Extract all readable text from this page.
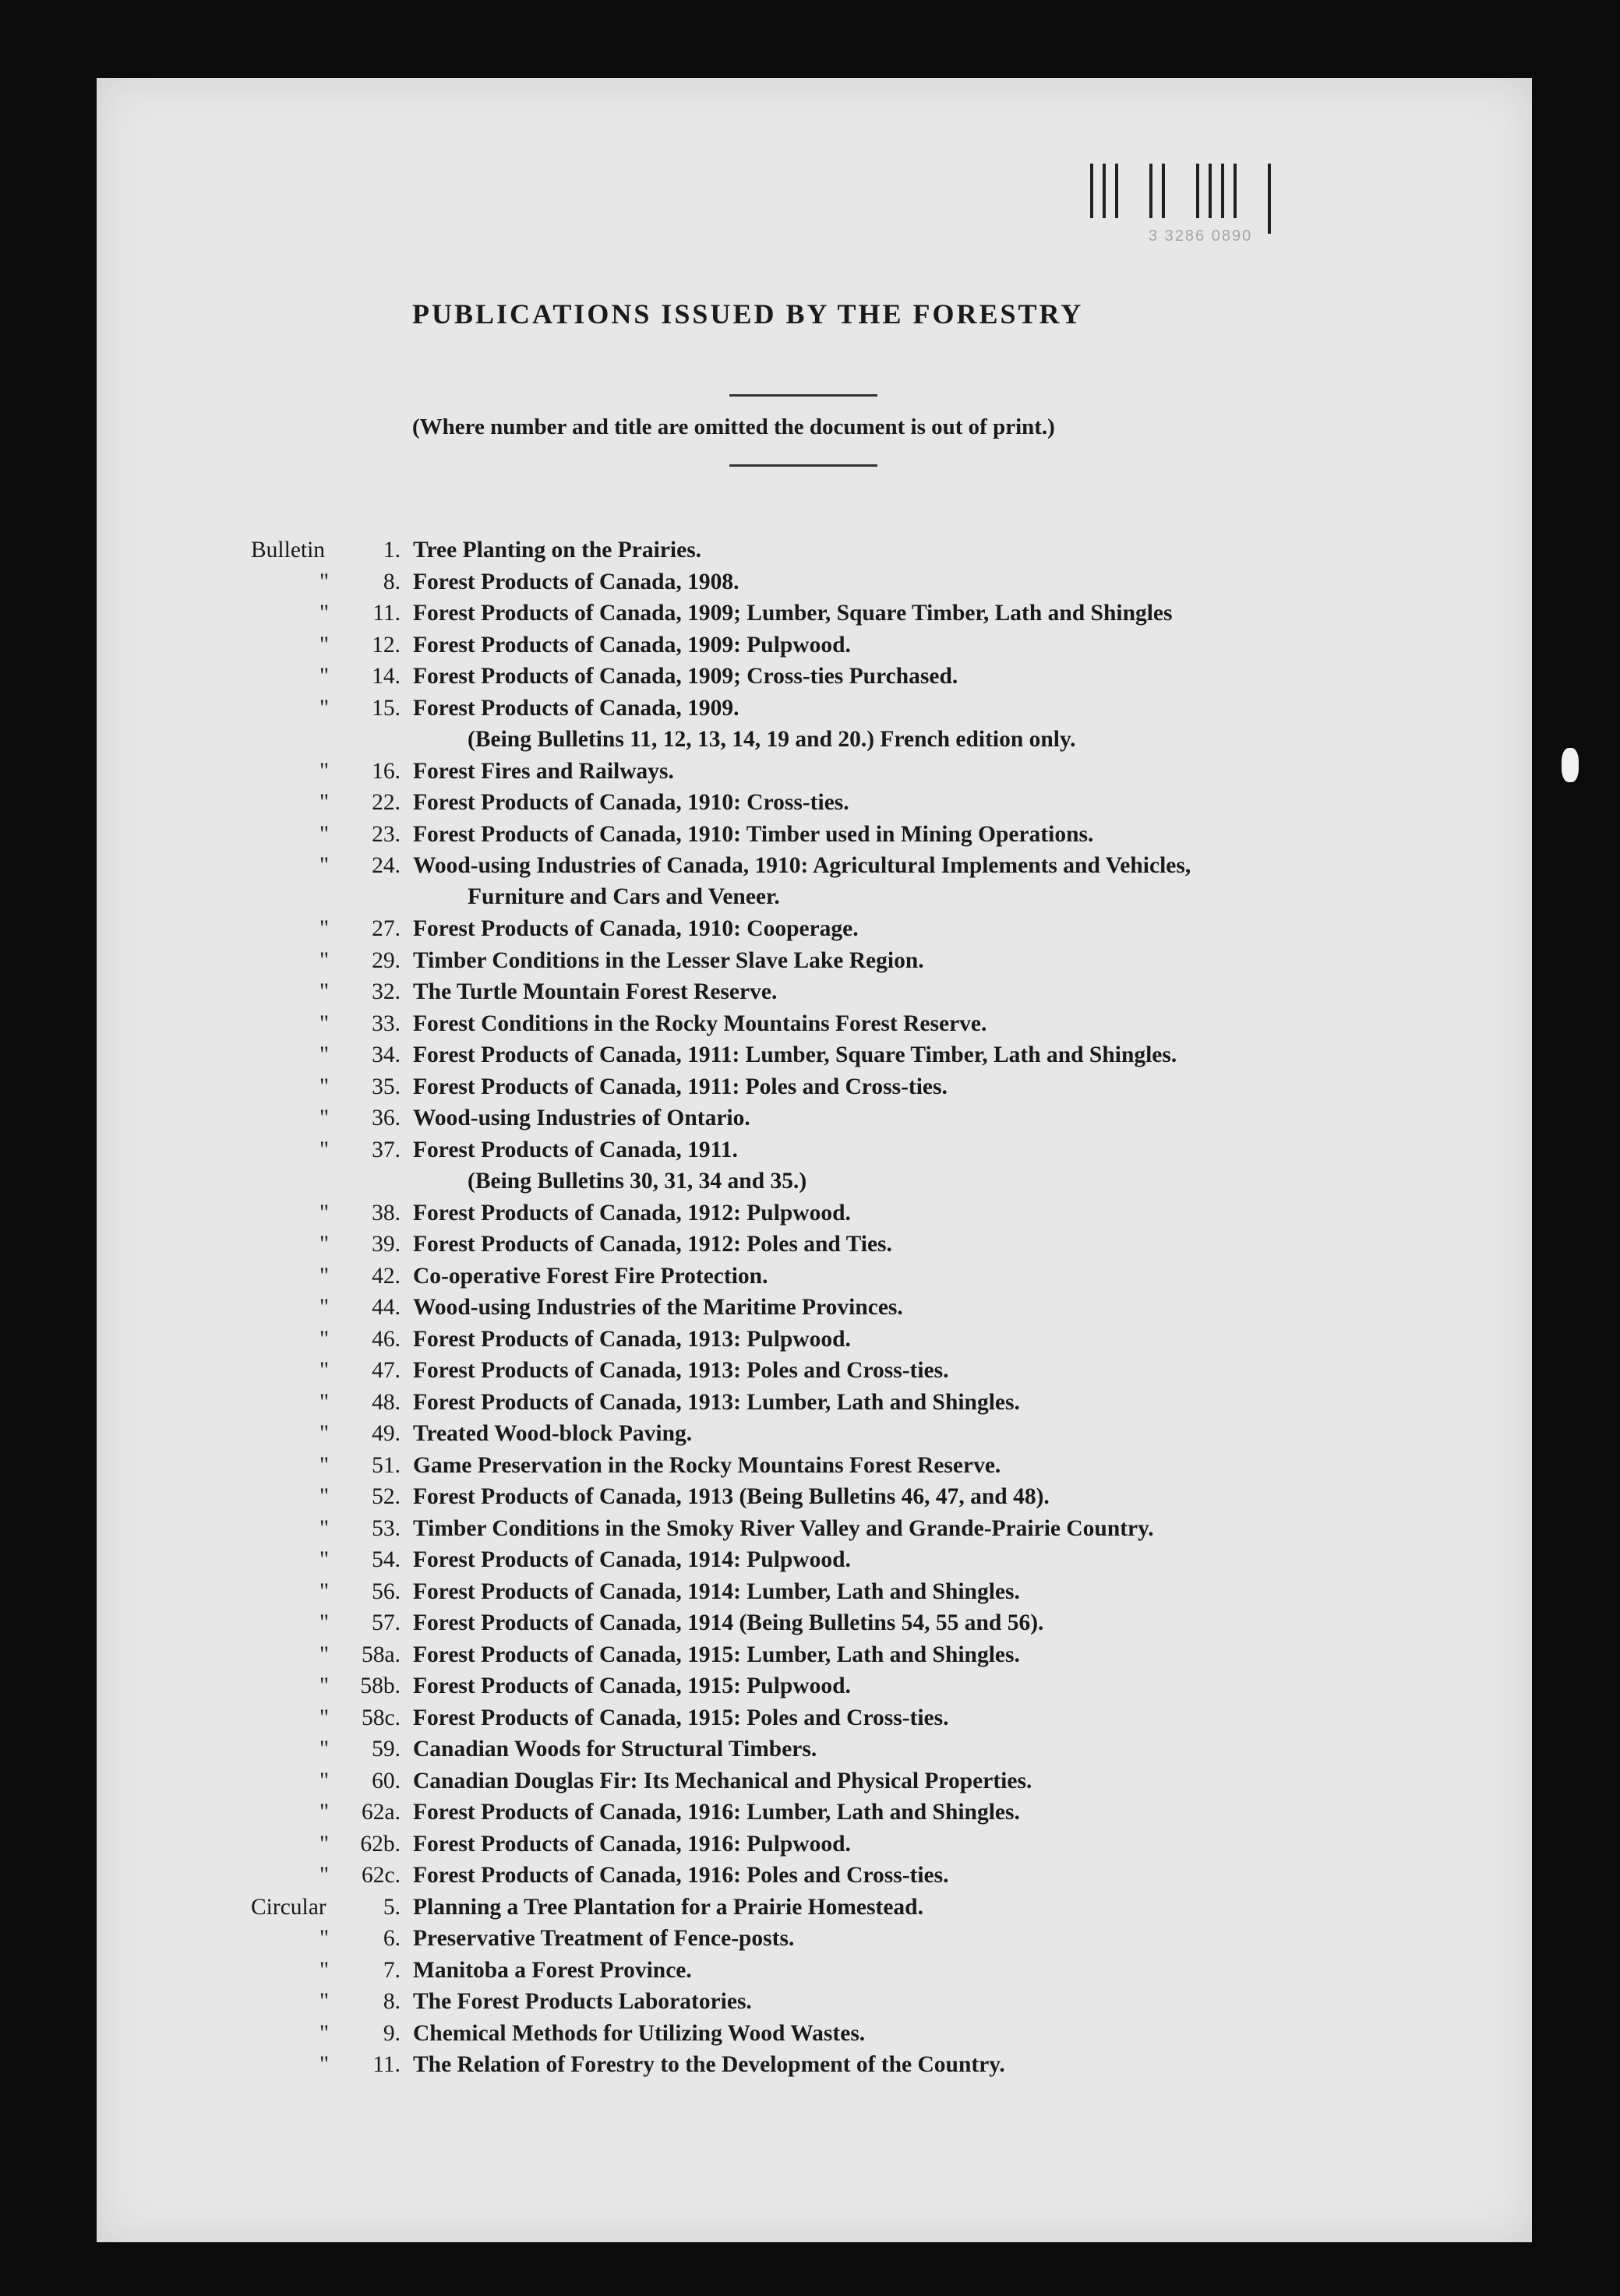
3 3286 0890
PUBLICATIONS ISSUED BY THE FORESTRY
(Where number and title are omitted the document is out of print.)
Bulletin	1. Tree Planting on the Prairies.
"	8. Forest Products of Canada, 1908.
"	11. Forest Products of Canada, 1909; Lumber, Square Timber, Lath and Shingles
"	12. Forest Products of Canada, 1909: Pulpwood.
"	14. Forest Products of Canada, 1909; Cross-ties Purchased.
"	15. Forest Products of Canada, 1909.
(Being Bulletins 11, 12, 13, 14, 19 and 20.) French edition only.
"	16. Forest Fires and Railways.
"	22. Forest Products of Canada, 1910: Cross-ties.
"	23. Forest Products of Canada, 1910: Timber used in Mining Operations.
"	24. Wood-using Industries of Canada, 1910: Agricultural Implements and Vehicles,
Furniture and Cars and Veneer.
"	27. Forest Products of Canada, 1910: Cooperage.
"	29. Timber Conditions in the Lesser Slave Lake Region.
"	32. The Turtle Mountain Forest Reserve.
"	33. Forest Conditions in the Rocky Mountains Forest Reserve.
"	34. Forest Products of Canada, 1911: Lumber, Square Timber, Lath and Shingles.
"	35. Forest Products of Canada, 1911: Poles and Cross-ties.
"	36. Wood-using Industries of Ontario.
"	37. Forest Products of Canada, 1911.
(Being Bulletins 30, 31, 34 and 35.)
"	38. Forest Products of Canada, 1912: Pulpwood.
"	39. Forest Products of Canada, 1912: Poles and Ties.
"	42. Co-operative Forest Fire Protection.
"	44. Wood-using Industries of the Maritime Provinces.
"	46. Forest Products of Canada, 1913: Pulpwood.
"	47. Forest Products of Canada, 1913: Poles and Cross-ties.
"	48. Forest Products of Canada, 1913: Lumber, Lath and Shingles.
"	49. Treated Wood-block Paving.
"	51. Game Preservation in the Rocky Mountains Forest Reserve.
"	52. Forest Products of Canada, 1913 (Being Bulletins 46, 47, and 48).
"	53. Timber Conditions in the Smoky River Valley and Grande-Prairie Country.
"	54. Forest Products of Canada, 1914: Pulpwood.
"	56. Forest Products of Canada, 1914: Lumber, Lath and Shingles.
"	57. Forest Products of Canada, 1914 (Being Bulletins 54, 55 and 56).
"	58a. Forest Products of Canada, 1915: Lumber, Lath and Shingles.
"	58b. Forest Products of Canada, 1915: Pulpwood.
"	58c. Forest Products of Canada, 1915: Poles and Cross-ties.
"	59. Canadian Woods for Structural Timbers.
"	60. Canadian Douglas Fir: Its Mechanical and Physical Properties.
"	62a. Forest Products of Canada, 1916: Lumber, Lath and Shingles.
"	62b. Forest Products of Canada, 1916: Pulpwood.
"	62c. Forest Products of Canada, 1916: Poles and Cross-ties.
Circular	5. Planning a Tree Plantation for a Prairie Homestead.
"	6. Preservative Treatment of Fence-posts.
"	7. Manitoba a Forest Province.
"	8. The Forest Products Laboratories.
"	9. Chemical Methods for Utilizing Wood Wastes.
"	11. The Relation of Forestry to the Development of the Country.
